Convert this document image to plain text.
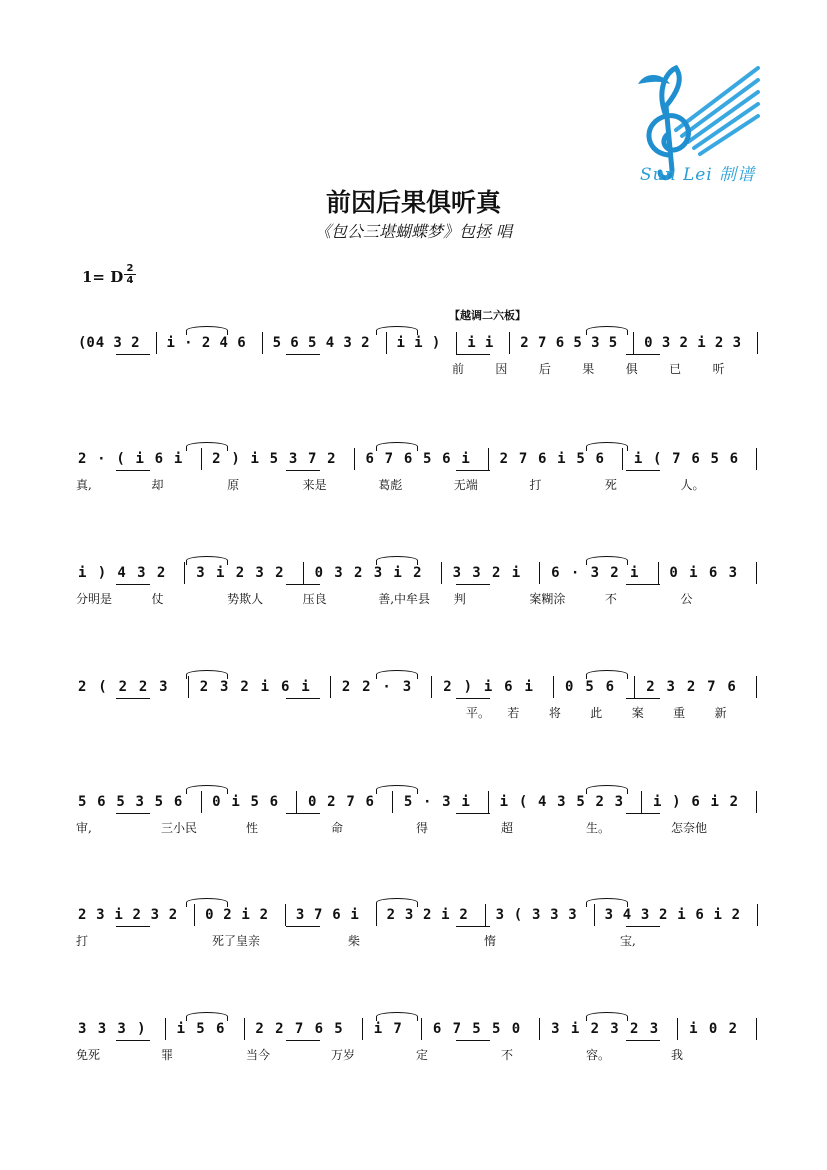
Sun Lei 制谱
前因后果俱听真
《包公三堪蝴蝶梦》包拯 唱
1= D 2
4
【越调二六板】
(0 4 3 2 i · 2 4 6 5 6 5 4 3 2 i i ) i i 2 7 6 5 3 5 0 3 2 i 2 3
前	因	后	果	俱	已	听
2 · ( i 6 i 2 ) i 5 3 7 2 6 7 6 5 6 i 2 7 6 i 5 6 i ( 7 6 5 6
真,	却	原	来是	葛彪	无端	打	死	人。
i ) 4 3 2 3 i 2 3 2 0 3 2 3 i 2 3 3 2 i 6 · 3 2 i 0 i 6 3
分明是	仗	势欺人	压良	善,中牟县 判	案糊涂	不	公
2 ( 2 2 3 2 3 2 i 6 i 2 2 · 3 2 ) i 6 i 0 5 6 2 3 2 7 6
平。 若 将 此 案 重 新
5 6 5 3 5 6 0 i 5 6 0 2 7 6 5 · 3 i i ( 4 3 5 2 3 i ) 6 i 2
审,	三小民	性	命	得	超	生。	怎奈他
2 3 i 2 3 2 0 2 i 2 3 7 6 i 2 3 2 i 2 3 ( 3 3 3 3 4 3 2 i 6 i 2
打	死了皇亲	柴	惰	宝,
3 3 3 ) i 5 6 2 2 7 6 5 i 7 6 7 5 5 0 3 i 2 3 2 3 i 0 2
免死	罪	当今	万岁	定	不	容。	我
